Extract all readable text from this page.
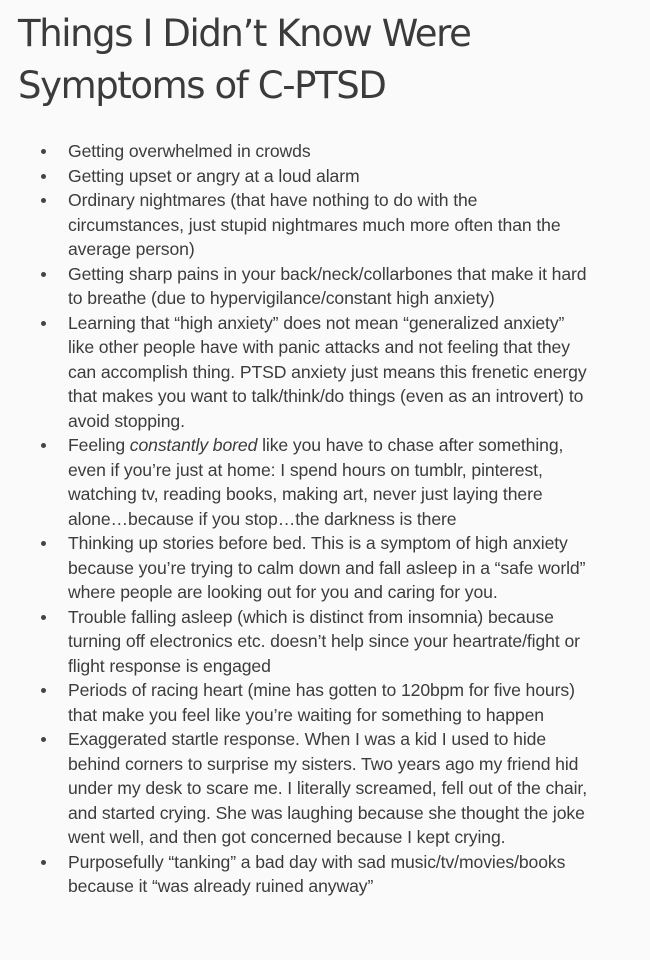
Things I Didn’t Know Were
Symptoms of C-PTSD
Getting overwhelmed in crowds
Getting upset or angry at a loud alarm
Ordinary nightmares (that have nothing to do with the
circumstances, just stupid nightmares much more often than the
average person)
Getting sharp pains in your back/neck/collarbones that make it hard
to breathe (due to hypervigilance/constant high anxiety)
Learning that “high anxiety” does not mean “generalized anxiety”
like other people have with panic attacks and not feeling that they
can accomplish thing. PTSD anxiety just means this frenetic energy
that makes you want to talk/think/do things (even as an introvert) to
avoid stopping.
Feeling constantly bored like you have to chase after something,
even if you’re just at home: I spend hours on tumblr, pinterest,
watching tv, reading books, making art, never just laying there
alone…because if you stop…the darkness is there
Thinking up stories before bed. This is a symptom of high anxiety
because you’re trying to calm down and fall asleep in a “safe world”
where people are looking out for you and caring for you.
Trouble falling asleep (which is distinct from insomnia) because
turning off electronics etc. doesn’t help since your heartrate/fight or
flight response is engaged
Periods of racing heart (mine has gotten to 120bpm for five hours)
that make you feel like you’re waiting for something to happen
Exaggerated startle response. When I was a kid I used to hide
behind corners to surprise my sisters. Two years ago my friend hid
under my desk to scare me. I literally screamed, fell out of the chair,
and started crying. She was laughing because she thought the joke
went well, and then got concerned because I kept crying.
Purposefully “tanking” a bad day with sad music/tv/movies/books
because it “was already ruined anyway”
